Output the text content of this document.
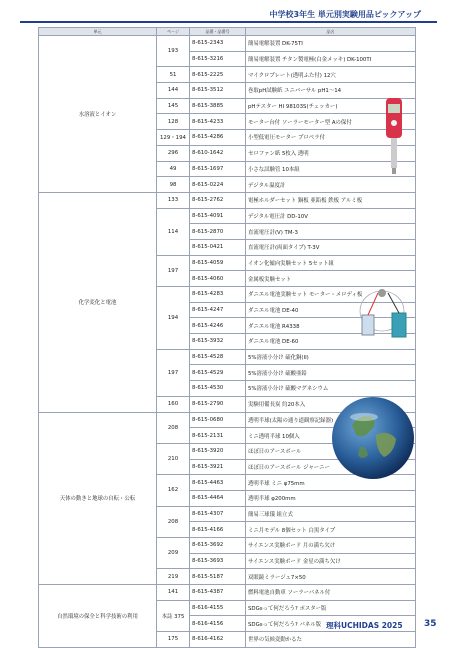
中学校3年生 単元別実験用品ピックアップ
単元	ページ	品番・品番号	品名
水溶液とイオン	193	8-615-2343	簡易電解装置 DK-75TI
		8-615-3216	簡易電解装置 チタン製電極(白金メッキ) DK-100TI
	51	8-615-2225	マイクロプレート(透明ふた付) 12穴
	144	8-615-3512	巻取pH試験紙 ユニバーサル pH1～14
	145	8-615-3885	pHテスター HI 98103S(チェッカー)
	128	8-615-4233	モーター台付 ソーラーモーター型 Aの保付
	129・194	8-615-4286	小型低電圧モーター プロペラ付
	296	8-610-1642	セロファン紙 5枚入 透明
	49	8-615-1697	小さな試験管 10本組
	98	8-615-0224	デジタル温度計
化学変化と電池	133	8-615-2762	電極ホルダーセット 銅板 亜鉛板 鉄板 アルミ板
	114	8-615-4091	デジタル電圧計 DD-10V
		8-615-2870	直流電圧計(V) TM-3
		8-615-0421	直流電圧計(両面タイプ) T-3V
	197	8-615-4059	イオン化傾向実験セット 5セット組
		8-615-4060	金属板実験セット
	194	8-615-4283	ダニエル電池実験セット モーター・メロディ板
		8-615-4247	ダニエル電池 DE-40
		8-615-4246	ダニエル電池 R4338
		8-615-3932	ダニエル電池 DE-60
	197	8-615-4528	5%溶液小分け 硫化銅(II)
		8-615-4529	5%溶液小分け 硫酸亜鉛
		8-615-4530	5%溶液小分け 硫酸マグネシウム
	160	8-615-2790	実験用備長炭 約20本入
天体の動きと地球の自転・公転	208	8-615-0680	透明半球(太陽の通り道観察記録器)
		8-615-2131	ミニ透明半球 10個入
	210	8-615-3920	ほぼ日のアースボール
		8-615-3921	ほぼ日のアースボール ジャーニー
	162	8-615-4463	透明半球 ミニ φ75mm
		8-615-4464	透明半球 φ200mm
	208	8-615-4307	簡易三球儀 組立式
		8-615-4166	ミニ月モデル 8個セット 白黒タイプ
	209	8-615-3692	サイエンス実験ボード 月の満ち欠け
		8-615-3693	サイエンス実験ボード 金星の満ち欠け
	219	8-615-5187	双眼鏡ミラージュ7×50
自然環境の保全と科学技術の利用	141	8-615-4387	燃料電池自動車 ソーラーパネル付
	本誌 375	8-616-4155	SDGsって何だろう? ポスター版
		8-616-4156	SDGsって何だろう? パネル版
	175	8-616-4162	世界の気候変動かるた
理科UCHIDAS 2025 35
